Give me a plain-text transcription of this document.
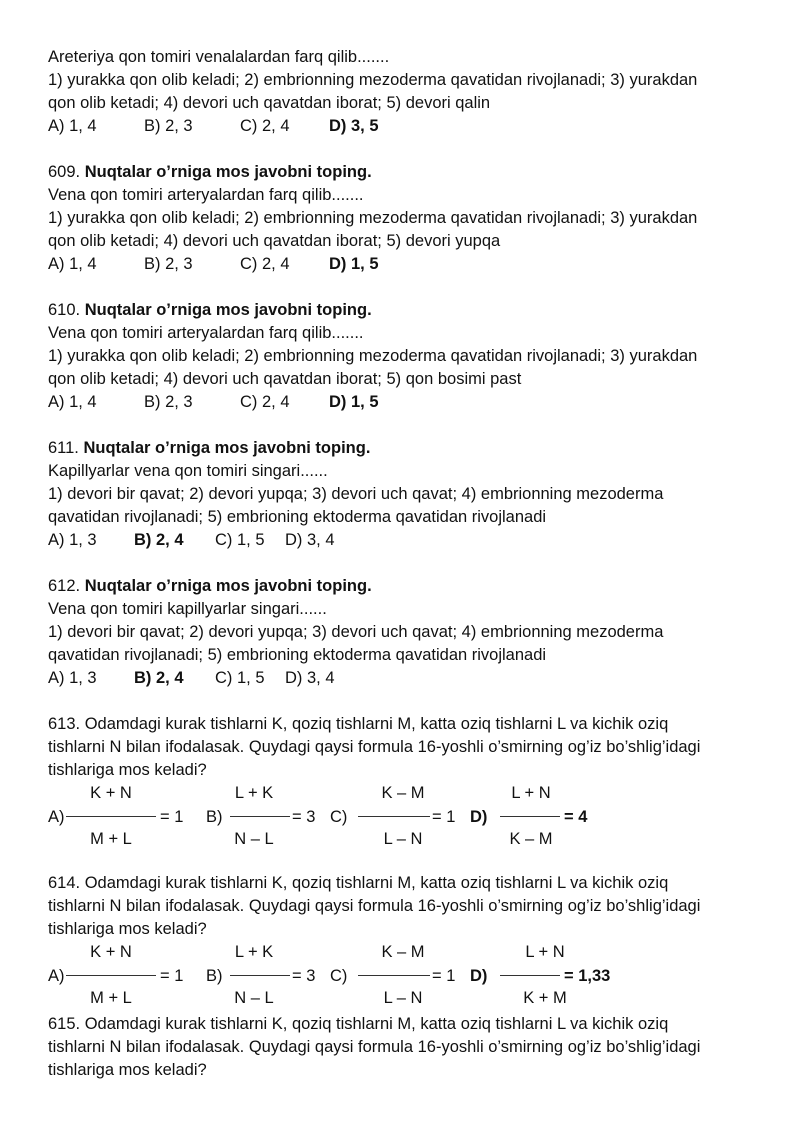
Areteriya qon tomiri venalalardan farq qilib.......
1) yurakka qon olib keladi; 2) embrionning mezoderma qavatidan rivojlanadi; 3) yurakdan
qon olib ketadi; 4) devori uch qavatdan iborat; 5) devori qalin
A) 1, 4	B) 2, 3	C) 2, 4	D) 3, 5
609. Nuqtalar o’rniga mos javobni toping.
Vena qon tomiri arteryalardan farq qilib.......
1) yurakka qon olib keladi; 2) embrionning mezoderma qavatidan rivojlanadi; 3) yurakdan
qon olib ketadi; 4) devori uch qavatdan iborat; 5) devori yupqa
A) 1, 4	B) 2, 3	C) 2, 4	D) 1, 5
610. Nuqtalar o’rniga mos javobni toping.
Vena qon tomiri arteryalardan farq qilib.......
1) yurakka qon olib keladi; 2) embrionning mezoderma qavatidan rivojlanadi; 3) yurakdan
qon olib ketadi; 4) devori uch qavatdan iborat; 5) qon bosimi past
A) 1, 4	B) 2, 3	C) 2, 4	D) 1, 5
611. Nuqtalar o’rniga mos javobni toping.
Kapillyarlar vena qon tomiri singari......
1) devori bir qavat; 2) devori yupqa; 3) devori uch qavat; 4) embrionning mezoderma
qavatidan rivojlanadi; 5) embrioning ektoderma qavatidan rivojlanadi
A) 1, 3	B) 2, 4	C) 1, 5	D) 3, 4
612. Nuqtalar o’rniga mos javobni toping.
Vena qon tomiri kapillyarlar singari......
1) devori bir qavat; 2) devori yupqa; 3) devori uch qavat; 4) embrionning mezoderma
qavatidan rivojlanadi; 5) embrioning ektoderma qavatidan rivojlanadi
A) 1, 3	B) 2, 4	C) 1, 5	D) 3, 4
613. Odamdagi kurak tishlarni K, qoziq tishlarni M, katta oziq tishlarni L va kichik oziq
tishlarni N bilan ifodalasak. Quydagi qaysi formula 16-yoshli o’smirning og’iz bo’shlig’idagi
tishlariga mos keladi?
A)
K + N
M + L
= 1 B)
L + K
N – L
= 3 C)
K – M
L – N
= 1 D)
L + N
K – M
= 4
614. Odamdagi kurak tishlarni K, qoziq tishlarni M, katta oziq tishlarni L va kichik oziq
tishlarni N bilan ifodalasak. Quydagi qaysi formula 16-yoshli o’smirning og’iz bo’shlig’idagi
tishlariga mos keladi?
A)
K + N
M + L
= 1 B)
L + K
N – L
= 3 C)
K – M
L – N
= 1 D)
L + N
K + M
= 1,33
615. Odamdagi kurak tishlarni K, qoziq tishlarni M, katta oziq tishlarni L va kichik oziq
tishlarni N bilan ifodalasak. Quydagi qaysi formula 16-yoshli o’smirning og’iz bo’shlig’idagi
tishlariga mos keladi?
